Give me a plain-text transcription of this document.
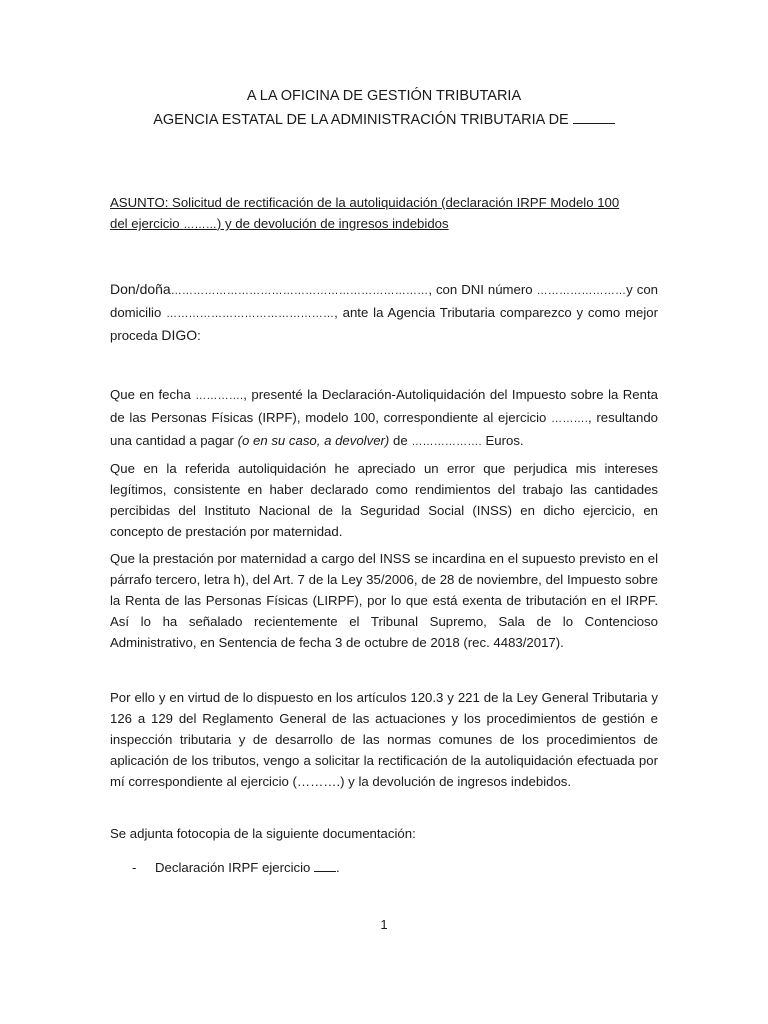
A LA OFICINA DE GESTIÓN TRIBUTARIA
AGENCIA ESTATAL DE LA ADMINISTRACIÓN TRIBUTARIA DE
ASUNTO: Solicitud de rectificación de la autoliquidación (declaración IRPF Modelo 100
del ejercicio ………) y de devolución de ingresos indebidos
Don/doña……………………………………………………………, con DNI número ……………………y con domicilio ………………………………………, ante la Agencia Tributaria comparezco y como mejor proceda DIGO:
Que en fecha …………., presenté la Declaración-Autoliquidación del Impuesto sobre la Renta de las Personas Físicas (IRPF), modelo 100, correspondiente al ejercicio ………., resultando una cantidad a pagar (o en su caso, a devolver) de ………………. Euros.
Que en la referida autoliquidación he apreciado un error que perjudica mis intereses legítimos, consistente en haber declarado como rendimientos del trabajo las cantidades percibidas del Instituto Nacional de la Seguridad Social (INSS) en dicho ejercicio, en concepto de prestación por maternidad.
Que la prestación por maternidad a cargo del INSS se incardina en el supuesto previsto en el párrafo tercero, letra h), del Art. 7 de la Ley 35/2006, de 28 de noviembre, del Impuesto sobre la Renta de las Personas Físicas (LIRPF), por lo que está exenta de tributación en el IRPF. Así lo ha señalado recientemente el Tribunal Supremo, Sala de lo Contencioso Administrativo, en Sentencia de fecha 3 de octubre de 2018 (rec. 4483/2017).
Por ello y en virtud de lo dispuesto en los artículos 120.3 y 221 de la Ley General Tributaria y 126 a 129 del Reglamento General de las actuaciones y los procedimientos de gestión e inspección tributaria y de desarrollo de las normas comunes de los procedimientos de aplicación de los tributos, vengo a solicitar la rectificación de la autoliquidación efectuada por mí correspondiente al ejercicio (……….) y la devolución de ingresos indebidos.
Se adjunta fotocopia de la siguiente documentación:
- Declaración IRPF ejercicio .
1
